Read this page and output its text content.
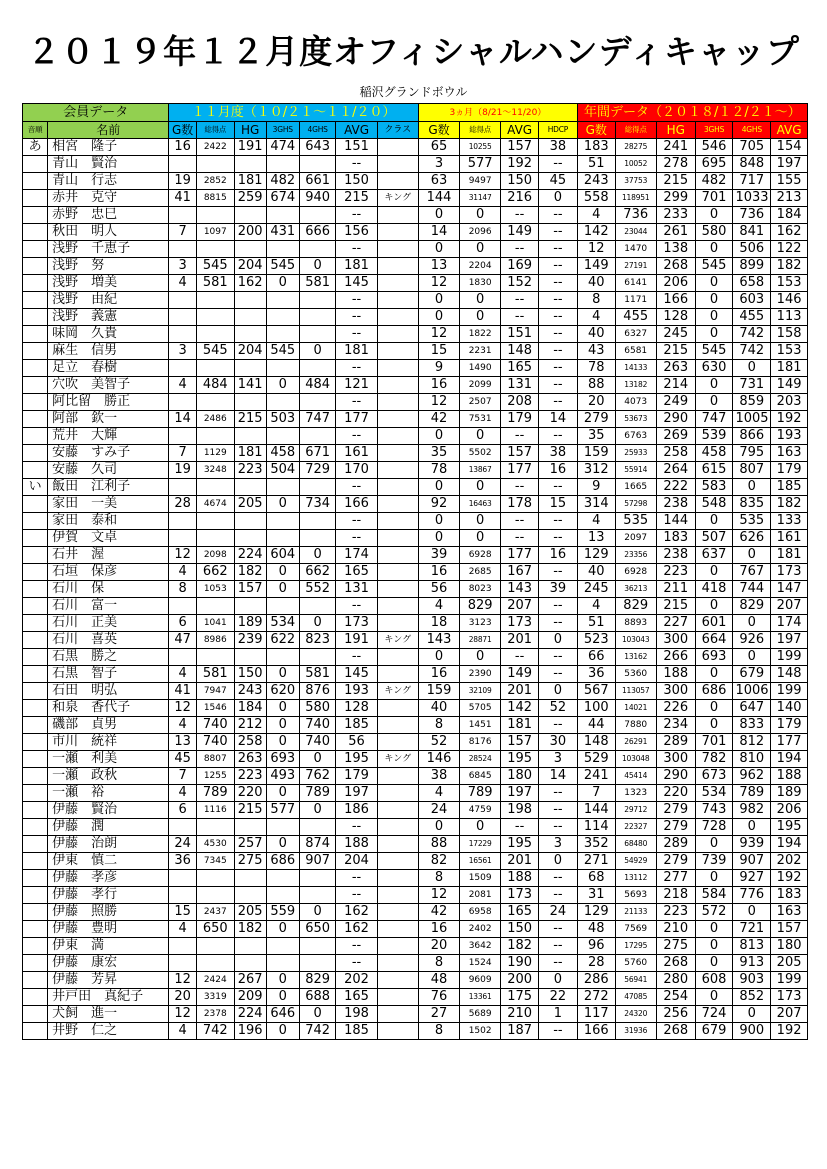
２０１９年１２月度オフィシャルハンディキャップ
稲沢グランドボウル
会員データ		１１月度（１０/２１～１１/２０）							3ヵ月（8/21～11/20）				年間データ（２０１８/１２/２１～）					
音順	名前	G数	総得点	HG	3GHS	4GHS	AVG	クラス	G数	総得点	AVG	HDCP	G数	総得点	HG	3GHS	4GHS	AVG
あ	相宮　隆子	16	2422	191	474	643	151		65	10255	157	38	183	28275	241	546	705	154
	青山　賢治						--		3	577	192	--	51	10052	278	695	848	197
	青山　行志	19	2852	181	482	661	150		63	9497	150	45	243	37753	215	482	717	155
	赤井　克守	41	8815	259	674	940	215	キング	144	31147	216	0	558	118951	299	701	1033	213
	赤野　忠巳						--		0	0	--	--	4	736	233	0	736	184
	秋田　明人	7	1097	200	431	666	156		14	2096	149	--	142	23044	261	580	841	162
	浅野　千恵子						--		0	0	--	--	12	1470	138	0	506	122
	浅野　努	3	545	204	545	0	181		13	2204	169	--	149	27191	268	545	899	182
	浅野　増美	4	581	162	0	581	145		12	1830	152	--	40	6141	206	0	658	153
	浅野　由紀						--		0	0	--	--	8	1171	166	0	603	146
	浅野　義憲						--		0	0	--	--	4	455	128	0	455	113
	味岡　久貴						--		12	1822	151	--	40	6327	245	0	742	158
	麻生　信男	3	545	204	545	0	181		15	2231	148	--	43	6581	215	545	742	153
	足立　春樹						--		9	1490	165	--	78	14133	263	630	0	181
	穴吹　美智子	4	484	141	0	484	121		16	2099	131	--	88	13182	214	0	731	149
	阿比留　勝正						--		12	2507	208	--	20	4073	249	0	859	203
	阿部　欽一	14	2486	215	503	747	177		42	7531	179	14	279	53673	290	747	1005	192
	荒井　大輝						--		0	0	--	--	35	6763	269	539	866	193
	安藤　すみ子	7	1129	181	458	671	161		35	5502	157	38	159	25933	258	458	795	163
	安藤　久司	19	3248	223	504	729	170		78	13867	177	16	312	55914	264	615	807	179
い	飯田　江利子						--		0	0	--	--	9	1665	222	583	0	185
	家田　一美	28	4674	205	0	734	166		92	16463	178	15	314	57298	238	548	835	182
	家田　泰和						--		0	0	--	--	4	535	144	0	535	133
	伊賀　文卓						--		0	0	--	--	13	2097	183	507	626	161
	石井　渥	12	2098	224	604	0	174		39	6928	177	16	129	23356	238	637	0	181
	石垣　保彦	4	662	182	0	662	165		16	2685	167	--	40	6928	223	0	767	173
	石川　保	8	1053	157	0	552	131		56	8023	143	39	245	36213	211	418	744	147
	石川　富一						--		4	829	207	--	4	829	215	0	829	207
	石川　正美	6	1041	189	534	0	173		18	3123	173	--	51	8893	227	601	0	174
	石川　喜英	47	8986	239	622	823	191	キング	143	28871	201	0	523	103043	300	664	926	197
	石黒　勝之						--		0	0	--	--	66	13162	266	693	0	199
	石黒　智子	4	581	150	0	581	145		16	2390	149	--	36	5360	188	0	679	148
	石田　明弘	41	7947	243	620	876	193	キング	159	32109	201	0	567	113057	300	686	1006	199
	和泉　香代子	12	1546	184	0	580	128		40	5705	142	52	100	14021	226	0	647	140
	磯部　貞男	4	740	212	0	740	185		8	1451	181	--	44	7880	234	0	833	179
	市川　統祥	13	740	258	0	740	56		52	8176	157	30	148	26291	289	701	812	177
	一瀬　利美	45	8807	263	693	0	195	キング	146	28524	195	3	529	103048	300	782	810	194
	一瀬　政秋	7	1255	223	493	762	179		38	6845	180	14	241	45414	290	673	962	188
	一瀬　裕	4	789	220	0	789	197		4	789	197	--	7	1323	220	534	789	189
	伊藤　賢治	6	1116	215	577	0	186		24	4759	198	--	144	29712	279	743	982	206
	伊藤　潤						--		0	0	--	--	114	22327	279	728	0	195
	伊藤　治朗	24	4530	257	0	874	188		88	17229	195	3	352	68480	289	0	939	194
	伊東　慎二	36	7345	275	686	907	204		82	16561	201	0	271	54929	279	739	907	202
	伊藤　孝彦						--		8	1509	188	--	68	13112	277	0	927	192
	伊藤　孝行						--		12	2081	173	--	31	5693	218	584	776	183
	伊藤　照勝	15	2437	205	559	0	162		42	6958	165	24	129	21133	223	572	0	163
	伊藤　豊明	4	650	182	0	650	162		16	2402	150	--	48	7569	210	0	721	157
	伊東　満						--		20	3642	182	--	96	17295	275	0	813	180
	伊藤　康宏						--		8	1524	190	--	28	5760	268	0	913	205
	伊藤　芳昇	12	2424	267	0	829	202		48	9609	200	0	286	56941	280	608	903	199
	井戸田　真紀子	20	3319	209	0	688	165		76	13361	175	22	272	47085	254	0	852	173
	犬飼　進一	12	2378	224	646	0	198		27	5689	210	1	117	24320	256	724	0	207
	井野　仁之	4	742	196	0	742	185		8	1502	187	--	166	31936	268	679	900	192
